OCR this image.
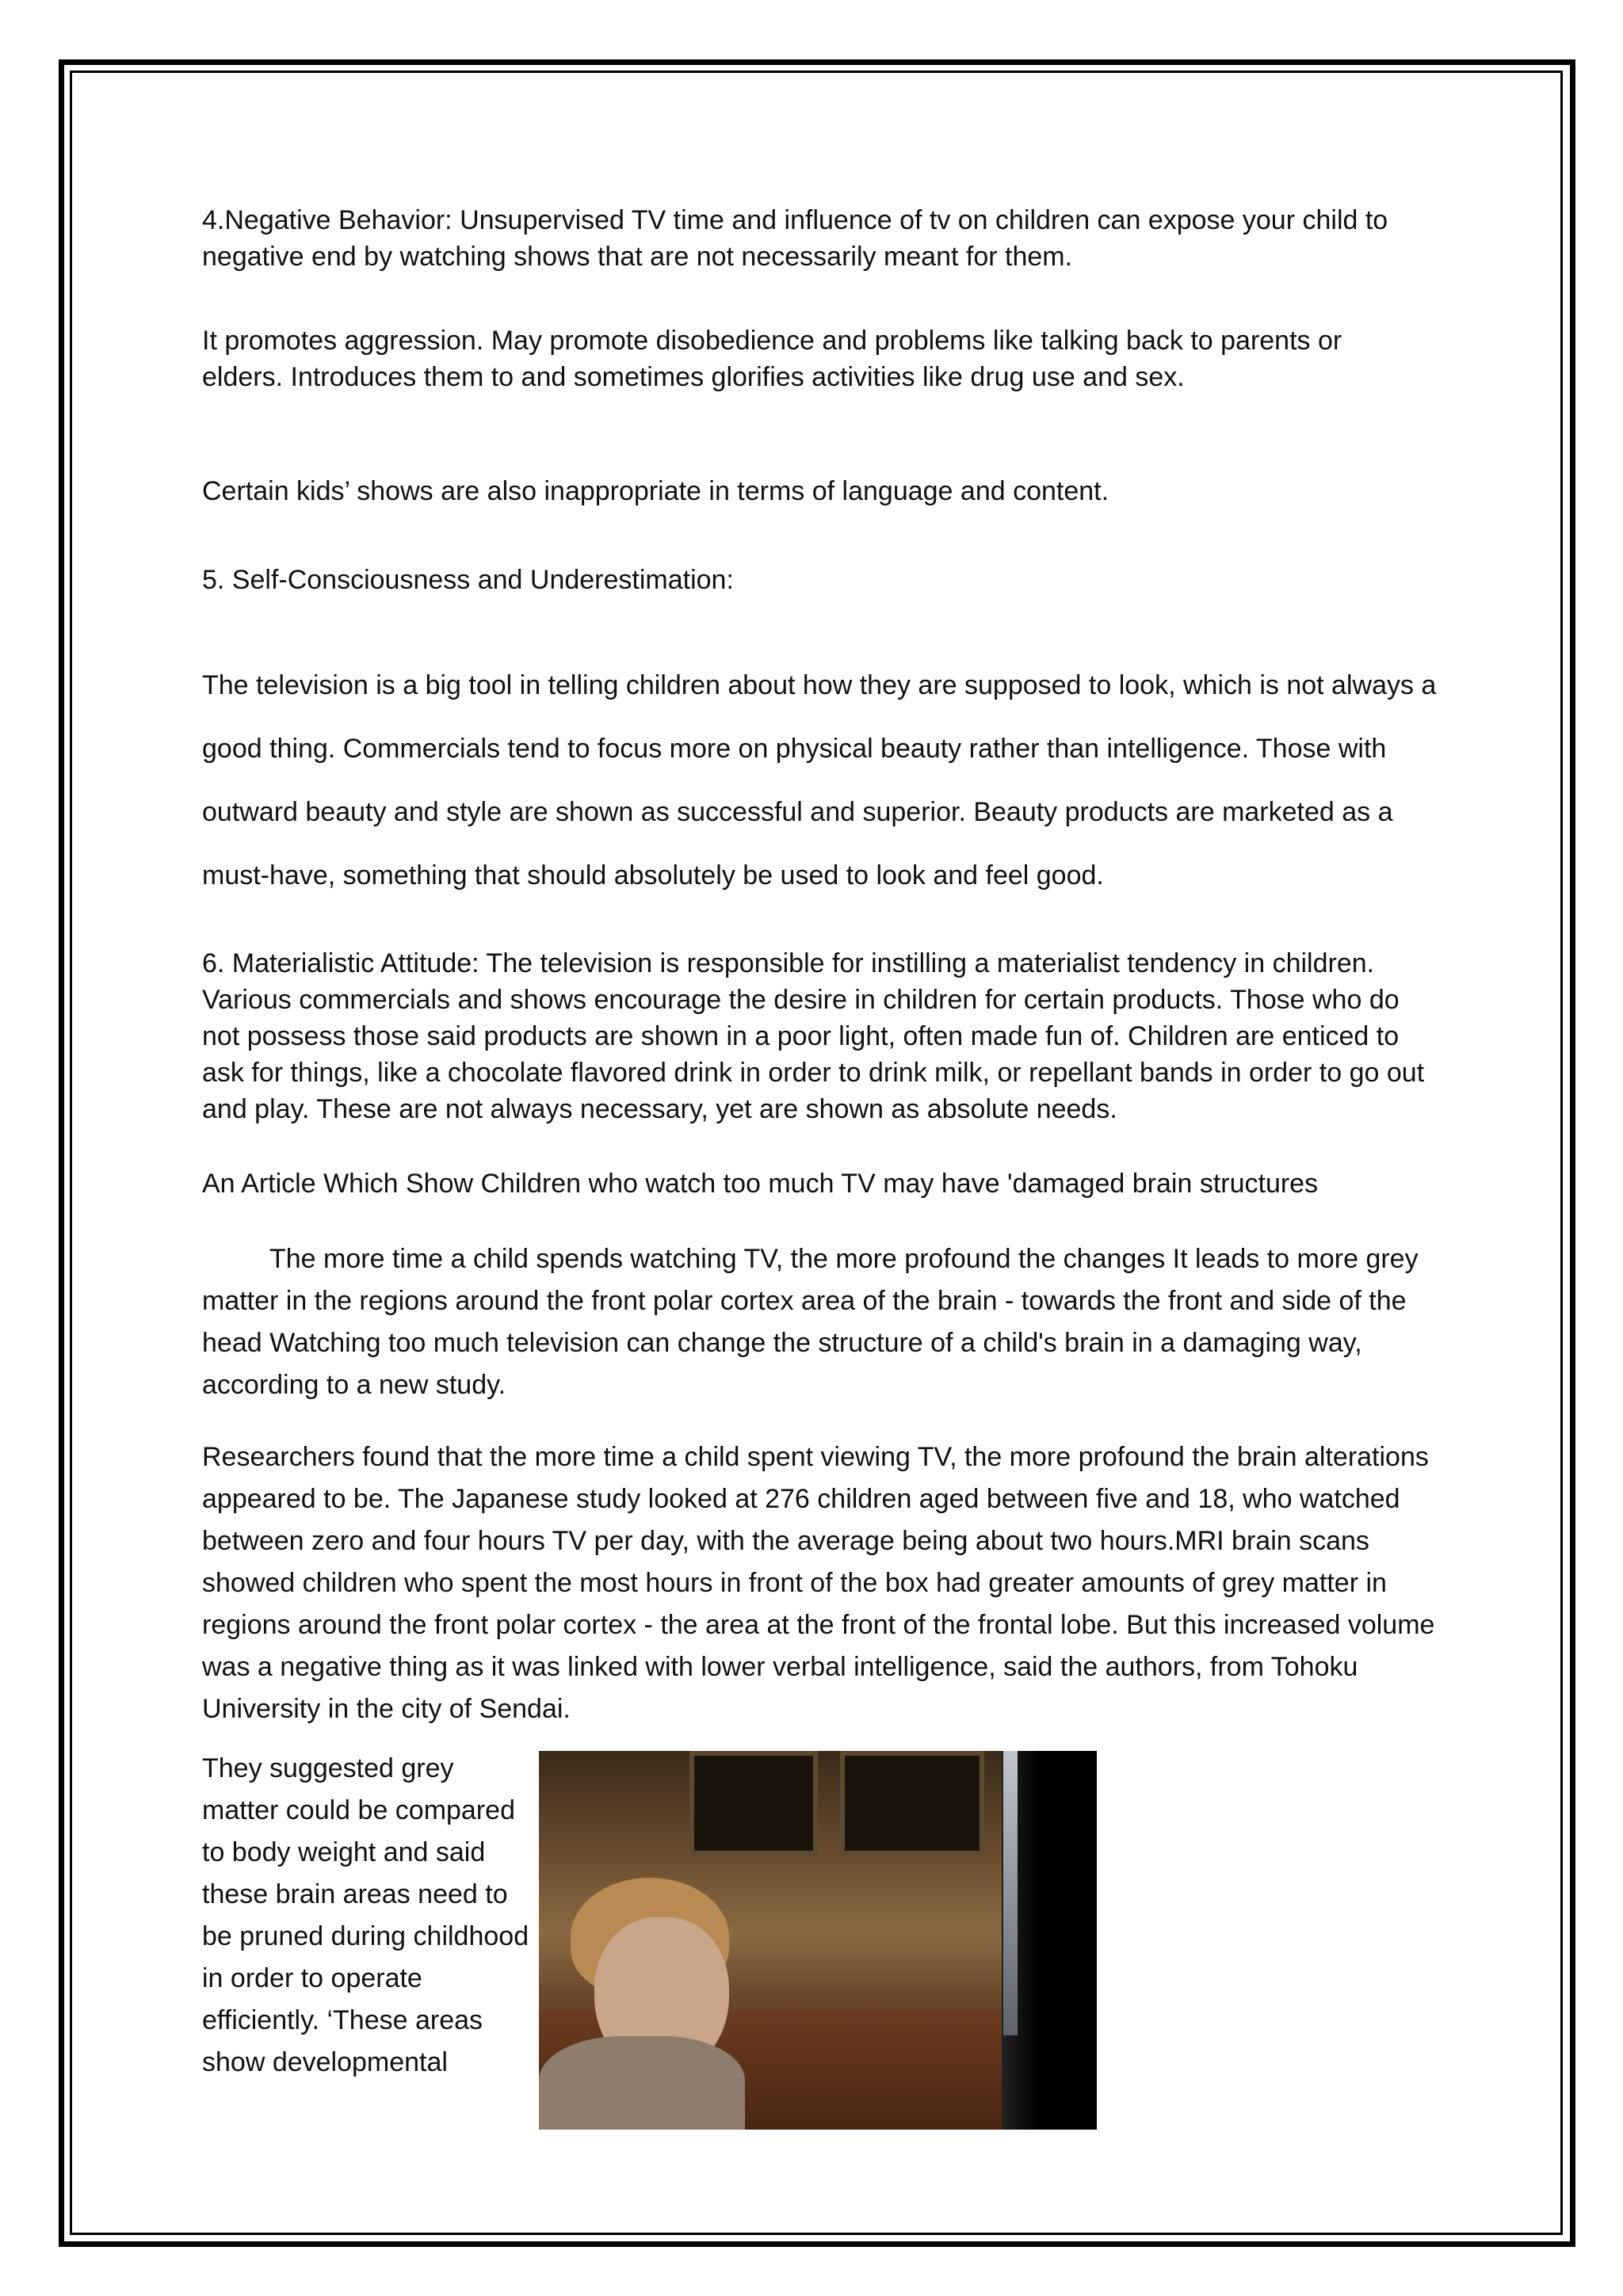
4.Negative Behavior: Unsupervised TV time and influence of tv on children can expose your child to negative end by watching shows that are not necessarily meant for them.

It promotes aggression. May promote disobedience and problems like talking back to parents or
elders. Introduces them to and sometimes glorifies activities like drug use and sex.

Certain kids’ shows are also inappropriate in terms of language and content.

5. Self-Consciousness and Underestimation:

The television is a big tool in telling children about how they are supposed to look, which is not always a good thing. Commercials tend to focus more on physical beauty rather than intelligence. Those with outward beauty and style are shown as successful and superior. Beauty products are marketed as a must-have, something that should absolutely be used to look and feel good.

6. Materialistic Attitude: The television is responsible for instilling a materialist tendency in children. Various commercials and shows encourage the desire in children for certain products. Those who do not possess those said products are shown in a poor light, often made fun of. Children are enticed to ask for things, like a chocolate flavored drink in order to drink milk, or repellant bands in order to go out and play. These are not always necessary, yet are shown as absolute needs.

An Article Which Show Children who watch too much TV may have 'damaged brain structures

The more time a child spends watching TV, the more profound the changes It leads to more grey matter in the regions around the front polar cortex area of the brain - towards the front and side of the head Watching too much television can change the structure of a child's brain in a damaging way, according to a new study.

Researchers found that the more time a child spent viewing TV, the more profound the brain alterations appeared to be. The Japanese study looked at 276 children aged between five and 18, who watched between zero and four hours TV per day, with the average being about two hours.MRI brain scans showed children who spent the most hours in front of the box had greater amounts of grey matter in regions around the front polar cortex - the area at the front of the frontal lobe. But this increased volume was a negative thing as it was linked with lower verbal intelligence, said the authors, from Tohoku University in the city of Sendai.

They suggested grey matter could be compared to body weight and said these brain areas need to be pruned during childhood in order to operate efficiently. ‘These areas show developmental
